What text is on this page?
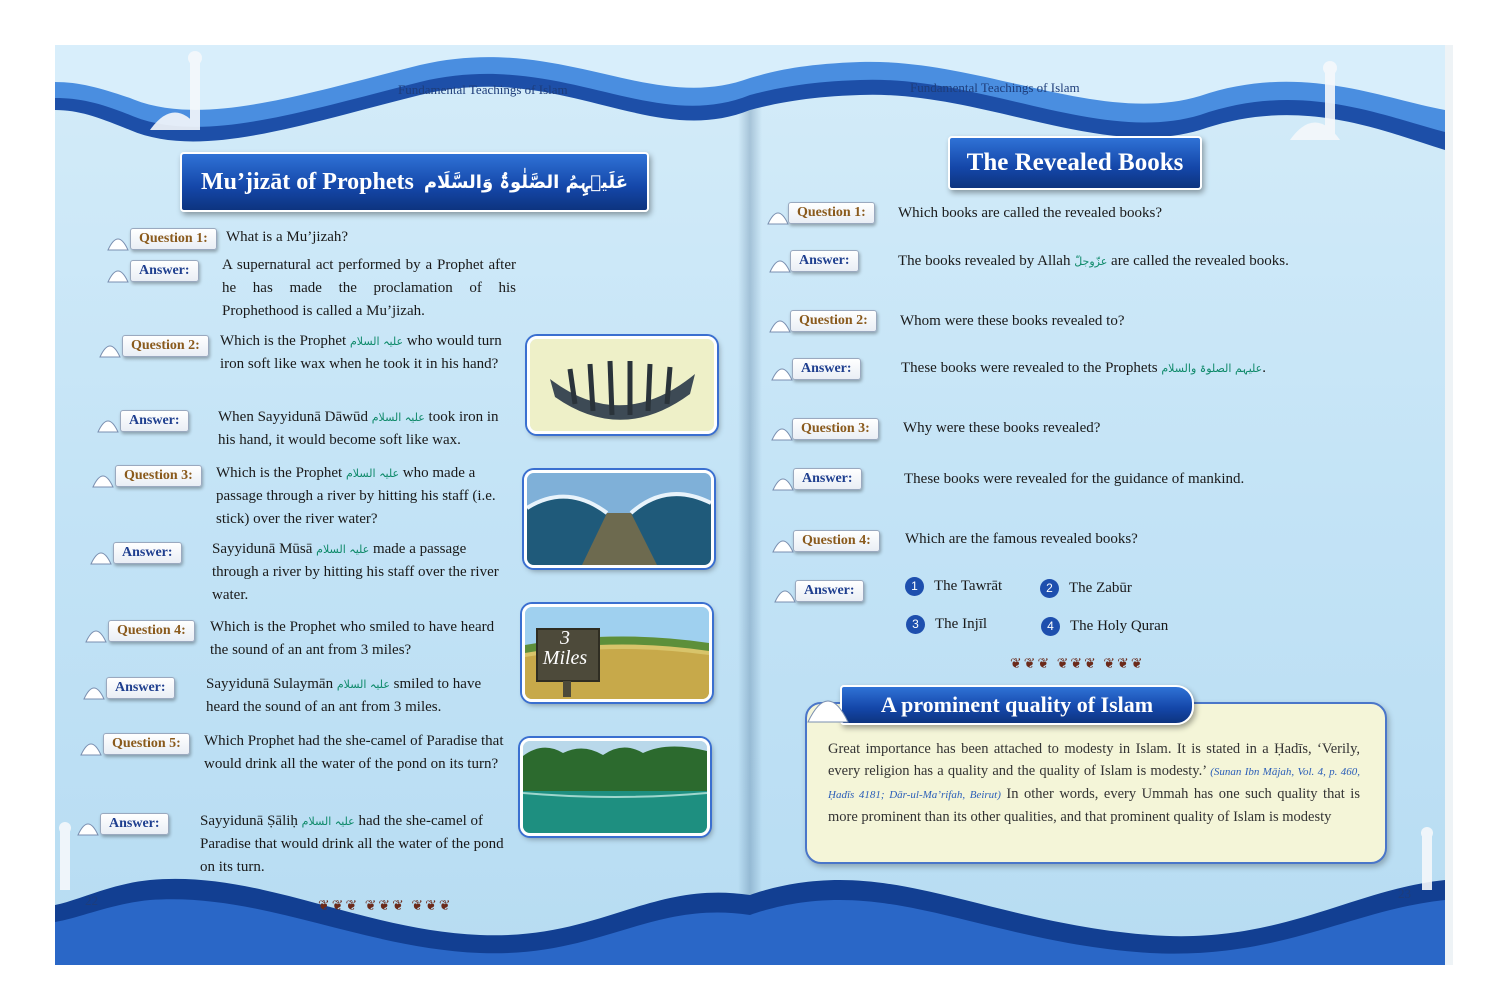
Fundamental Teachings of Islam	Fundamental Teachings of Islam
Mu’jizāt of Prophets عَلَيۡہِمُ الصَّلٰوۃُ وَالسَّلَام
Question 1:	What is a Mu’jizah?
Answer:	A supernatural act performed by a Prophet after he has made the proclamation of his Prophethood is called a Mu’jizah.
Question 2:	Which is the Prophet علیہ السلام who would turn iron soft like wax when he took it in his hand?
Answer:	When Sayyidunā Dāwūd علیہ السلام took iron in his hand, it would become soft like wax.
Question 3:	Which is the Prophet علیہ السلام who made a passage through a river by hitting his staff (i.e. stick) over the river water?
Answer:	Sayyidunā Mūsā علیہ السلام made a passage through a river by hitting his staff over the river water.
Question 4:	Which is the Prophet who smiled to have heard the sound of an ant from 3 miles?
Answer:	Sayyidunā Sulaymān علیہ السلام smiled to have heard the sound of an ant from 3 miles.
Question 5:	Which Prophet had the she-camel of Paradise that would drink all the water of the pond on its turn?
Answer:	Sayyidunā Ṣāliḥ علیہ السلام had the she-camel of Paradise that would drink all the water of the pond on its turn.
3
Miles
❦❦❦ ❦❦❦ ❦❦❦
22
The Revealed Books
Question 1:	Which books are called the revealed books?
Answer:	The books revealed by Allah عزّوجلّ are called the revealed books.
Question 2:	Whom were these books revealed to?
Answer:	These books were revealed to the Prophets علیہم الصلوۃ والسلام.
Question 3:	Why were these books revealed?
Answer:	These books were revealed for the guidance of mankind.
Question 4:	Which are the famous revealed books?
Answer:	1 The Tawrāt	2 The Zabūr
3 The Injīl	4 The Holy Quran
❦❦❦ ❦❦❦ ❦❦❦
A prominent quality of Islam
Great importance has been attached to modesty in Islam. It is stated in a Ḥadīs, ‘Verily, every religion has a quality and the quality of Islam is modesty.’ (Sunan Ibn Mājah, Vol. 4, p. 460, Ḥadīs 4181; Dār-ul-Ma’rifah, Beirut) In other words, every Ummah has one such quality that is more prominent than its other qualities, and that prominent quality of Islam is modesty
23
